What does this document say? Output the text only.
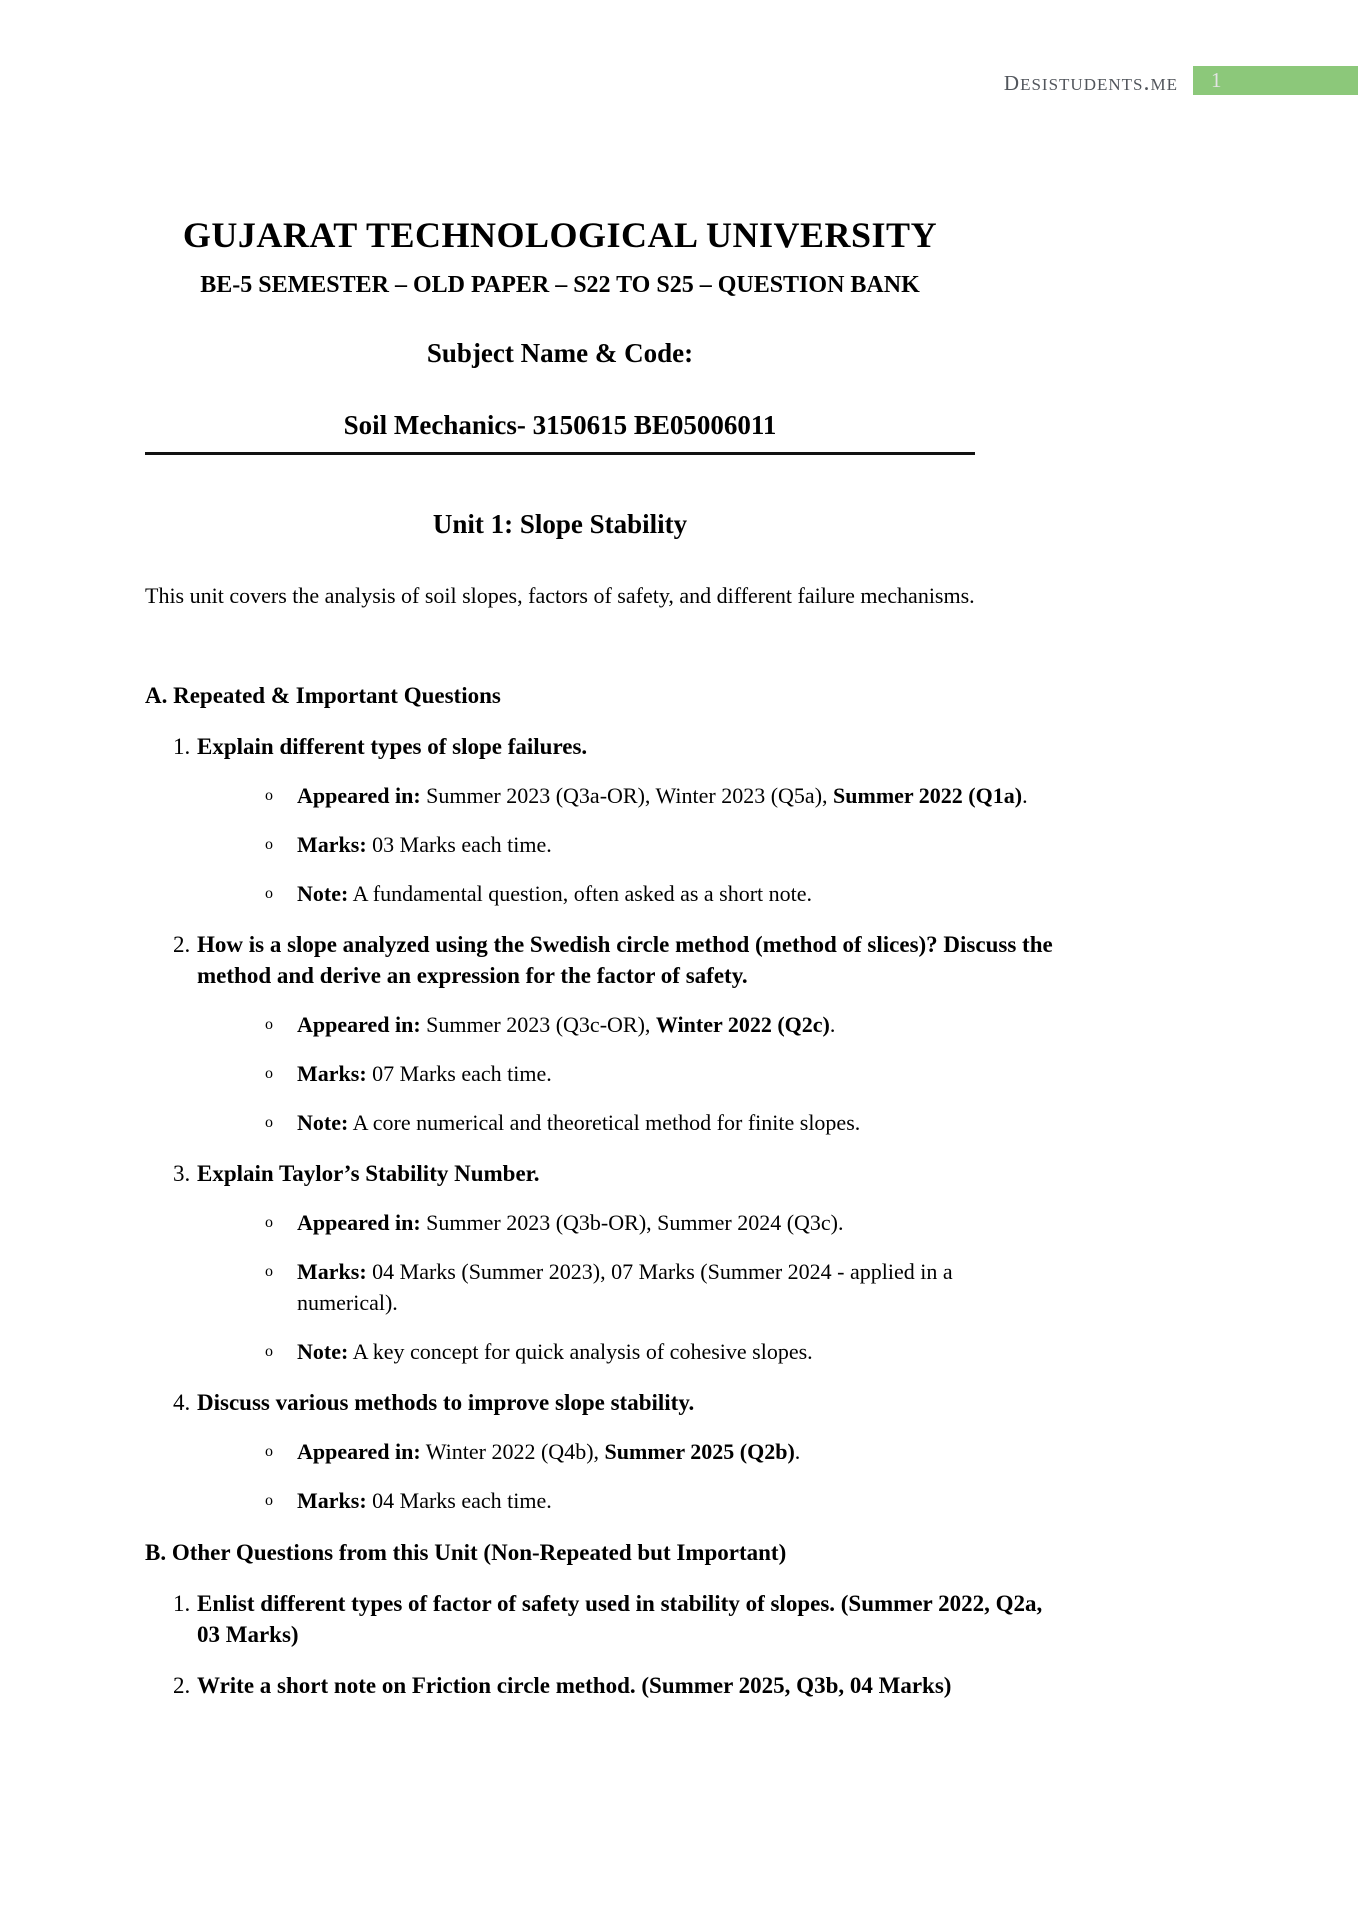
desistudents.me 1
GUJARAT TECHNOLOGICAL UNIVERSITY
BE-5 SEMESTER – OLD PAPER – S22 TO S25 – QUESTION BANK
Subject Name & Code:
Soil Mechanics- 3150615 BE05006011
Unit 1: Slope Stability

This unit covers the analysis of soil slopes, factors of safety, and different failure mechanisms.

A. Repeated & Important Questions
1. Explain different types of slope failures.
o	Appeared in: Summer 2023 (Q3a-OR), Winter 2023 (Q5a), Summer 2022 (Q1a).
o	Marks: 03 Marks each time.
o	Note: A fundamental question, often asked as a short note.
2. How is a slope analyzed using the Swedish circle method (method of slices)? Discuss the
method and derive an expression for the factor of safety.
o	Appeared in: Summer 2023 (Q3c-OR), Winter 2022 (Q2c).
o	Marks: 07 Marks each time.
o	Note: A core numerical and theoretical method for finite slopes.
3. Explain Taylor’s Stability Number.
o	Appeared in: Summer 2023 (Q3b-OR), Summer 2024 (Q3c).
o	Marks: 04 Marks (Summer 2023), 07 Marks (Summer 2024 - applied in a
numerical).
o	Note: A key concept for quick analysis of cohesive slopes.
4. Discuss various methods to improve slope stability.
o	Appeared in: Winter 2022 (Q4b), Summer 2025 (Q2b).
o	Marks: 04 Marks each time.
B. Other Questions from this Unit (Non-Repeated but Important)
1. Enlist different types of factor of safety used in stability of slopes. (Summer 2022, Q2a,
03 Marks)
2. Write a short note on Friction circle method. (Summer 2025, Q3b, 04 Marks)
